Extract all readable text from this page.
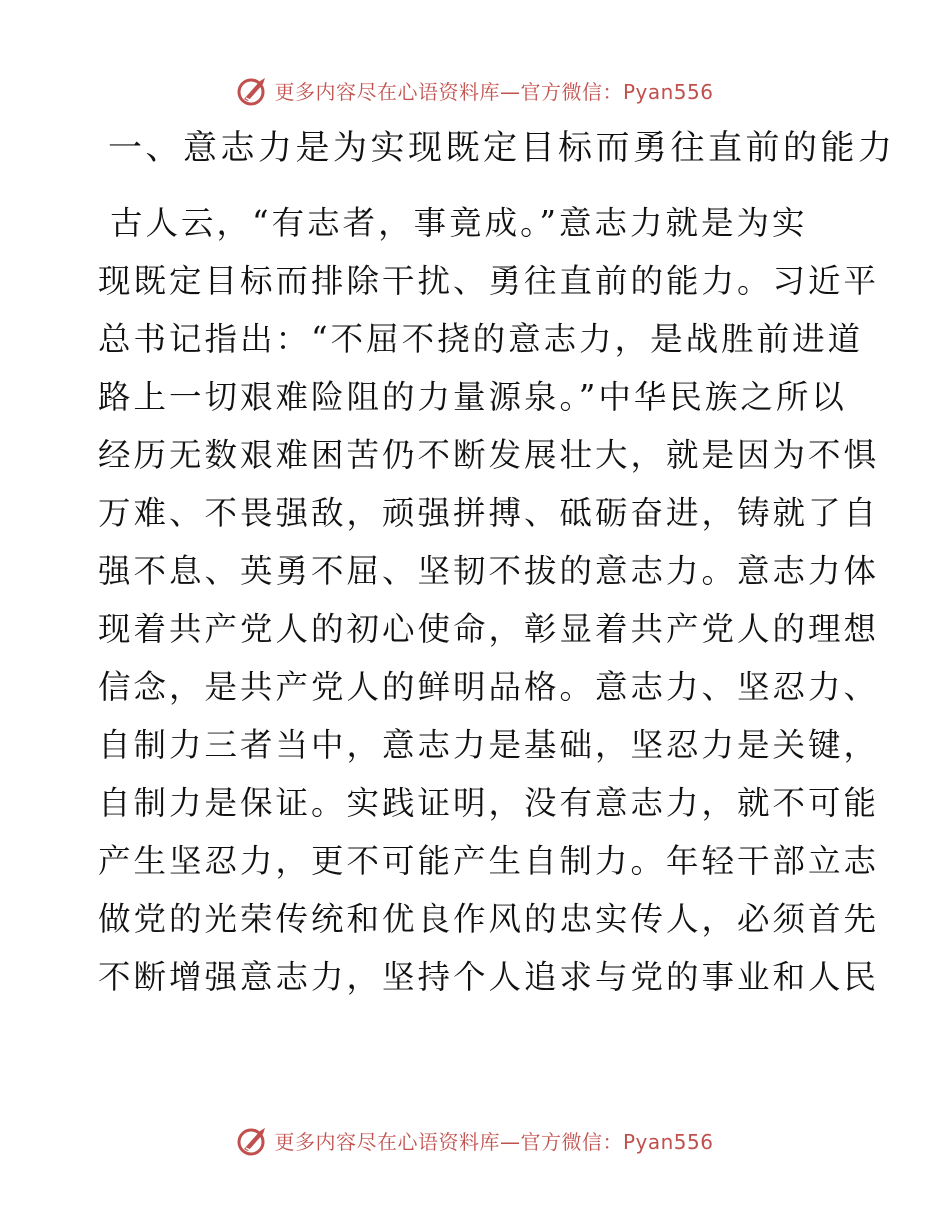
更多内容尽在心语资料库—官方微信：Pyan556
一、意志力是为实现既定目标而勇往直前的能力
古人云，“有志者，事竟成。”意志力就是为实
现既定目标而排除干扰、勇往直前的能力。习近平
总书记指出：“不屈不挠的意志力，是战胜前进道
路上一切艰难险阻的力量源泉。”中华民族之所以
经历无数艰难困苦仍不断发展壮大，就是因为不惧
万难、不畏强敌，顽强拼搏、砥砺奋进，铸就了自
强不息、英勇不屈、坚韧不拔的意志力。意志力体
现着共产党人的初心使命，彰显着共产党人的理想
信念，是共产党人的鲜明品格。意志力、坚忍力、
自制力三者当中，意志力是基础，坚忍力是关键，
自制力是保证。实践证明，没有意志力，就不可能
产生坚忍力，更不可能产生自制力。年轻干部立志
做党的光荣传统和优良作风的忠实传人，必须首先
不断增强意志力，坚持个人追求与党的事业和人民
更多内容尽在心语资料库—官方微信：Pyan556
